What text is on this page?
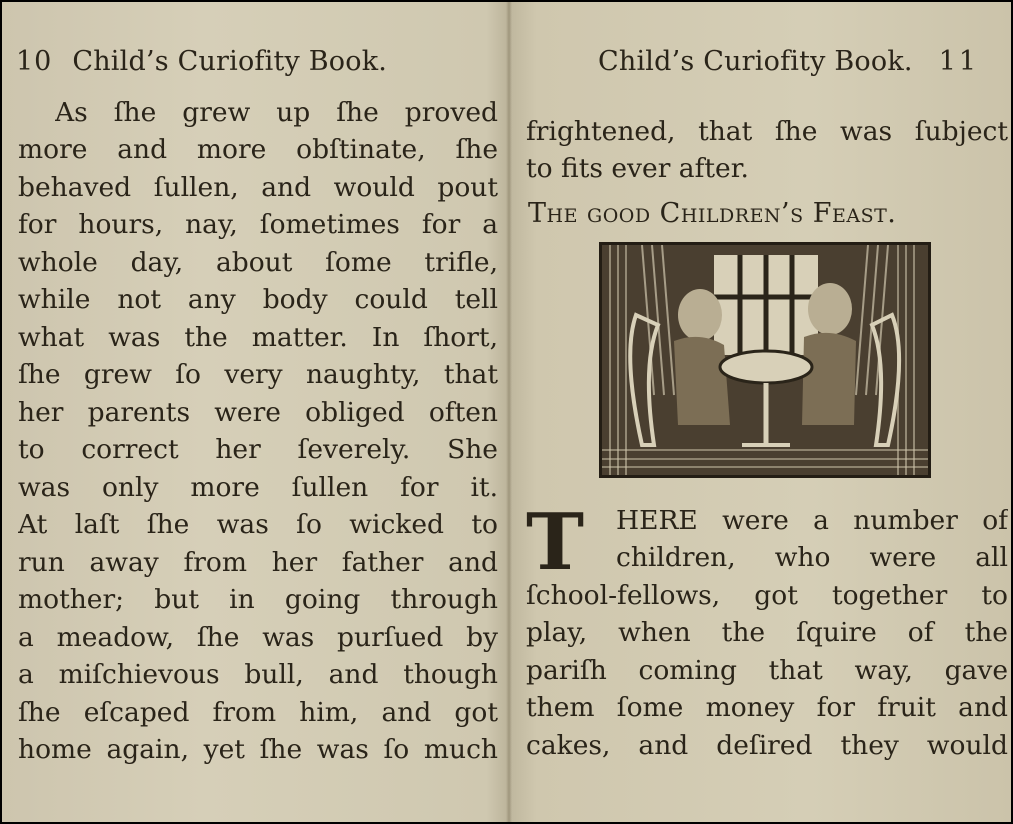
10 Child’s Curiofity Book.
As ſhe grew up ſhe proved
more and more obſtinate, ſhe
behaved ſullen, and would pout
for hours, nay, ſometimes for a
whole day, about ſome trifle,
while not any body could tell
what was the matter. In ſhort,
ſhe grew ſo very naughty, that
her parents were obliged often
to correct her ſeverely. She
was only more ſullen for it.
At laſt ſhe was ſo wicked to
run away from her father and
mother; but in going through
a meadow, ſhe was purſued by
a miſchievous bull, and though
ſhe eſcaped from him, and got
home again, yet ſhe was ſo much
Child’s Curiofity Book. 11
frightened, that ſhe was ſubject
to fits ever after.
The good Children’s Feast.
T HERE were a number of
children, who were all
ſchool-fellows, got together to
play, when the ſquire of the
pariſh coming that way, gave
them ſome money for fruit and
cakes, and deſired they would
